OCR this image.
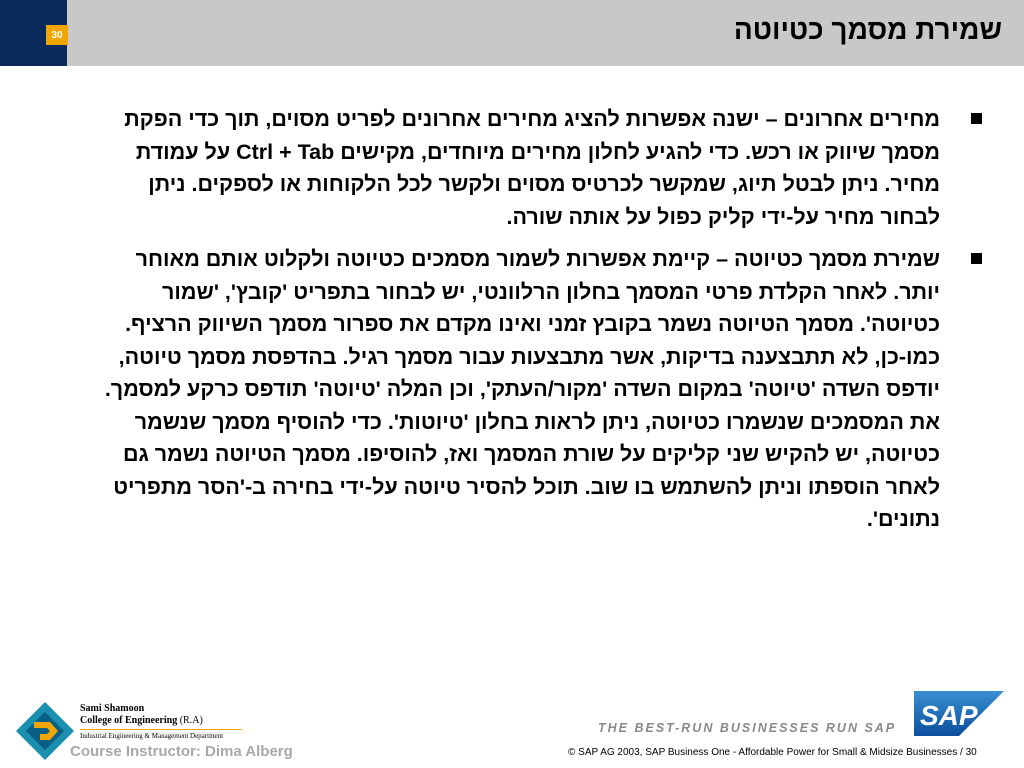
30	שמירת מסמך כטיוטה
מחירים אחרונים – ישנה אפשרות להציג מחירים אחרונים לפריט מסוים, תוך כדי הפקת מסמך שיווק או רכש. כדי להגיע לחלון מחירים מיוחדים, מקישים Ctrl + Tab על עמודת מחיר. ניתן לבטל תיוג, שמקשר לכרטיס מסוים ולקשר לכל הלקוחות או לספקים. ניתן לבחור מחיר על-ידי קליק כפול על אותה שורה.
שמירת מסמך כטיוטה – קיימת אפשרות לשמור מסמכים כטיוטה ולקלוט אותם מאוחר יותר. לאחר הקלדת פרטי המסמך בחלון הרלוונטי, יש לבחור בתפריט 'קובץ', 'שמור כטיוטה'. מסמך הטיוטה נשמר בקובץ זמני ואינו מקדם את ספרור מסמך השיווק הרציף. כמו-כן, לא תתבצענה בדיקות, אשר מתבצעות עבור מסמך רגיל. בהדפסת מסמך טיוטה, יודפס השדה 'טיוטה' במקום השדה 'מקור/העתק', וכן המלה 'טיוטה' תודפס כרקע למסמך. את המסמכים שנשמרו כטיוטה, ניתן לראות בחלון 'טיוטות'. כדי להוסיף מסמך שנשמר כטיוטה, יש להקיש שני קליקים על שורת המסמך ואז, להוסיפו. מסמך הטיוטה נשמר גם לאחר הוספתו וניתן להשתמש בו שוב. תוכל להסיר טיוטה על-ידי בחירה ב-'הסר מתפריט נתונים'.
Sami Shamoon
College of Engineering (R.A)
Industrial Engineering & Management Department
Course Instructor: Dima Alberg
THE BEST-RUN BUSINESSES RUN SAP SAP
© SAP AG 2003, SAP Business One - Affordable Power for Small & Midsize Businesses / 30
